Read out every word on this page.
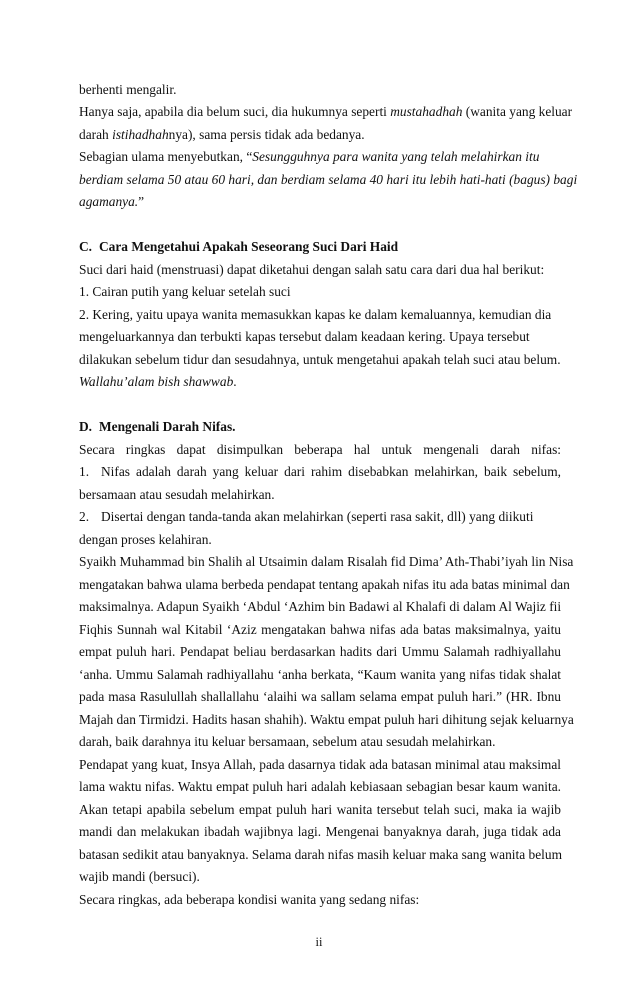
berhenti mengalir.

Hanya saja, apabila dia belum suci, dia hukumnya seperti mustahadhah (wanita yang keluar

darah istihadhahnya), sama persis tidak ada bedanya.

Sebagian ulama menyebutkan, “Sesungguhnya para wanita yang telah melahirkan itu

berdiam selama 50 atau 60 hari, dan berdiam selama 40 hari itu lebih hati-hati (bagus) bagi

agamanya.”

C. Cara Mengetahui Apakah Seseorang Suci Dari Haid

Suci dari haid (menstruasi) dapat diketahui dengan salah satu cara dari dua hal berikut:

1. Cairan putih yang keluar setelah suci

2. Kering, yaitu upaya wanita memasukkan kapas ke dalam kemaluannya, kemudian dia

mengeluarkannya dan terbukti kapas tersebut dalam keadaan kering. Upaya tersebut

dilakukan sebelum tidur dan sesudahnya, untuk mengetahui apakah telah suci atau belum.

Wallahu’alam bish shawwab.

D. Mengenali Darah Nifas.

Secara ringkas dapat disimpulkan beberapa hal untuk mengenali darah nifas:

1. Nifas adalah darah yang keluar dari rahim disebabkan melahirkan, baik sebelum,

bersamaan atau sesudah melahirkan.

2. Disertai dengan tanda-tanda akan melahirkan (seperti rasa sakit, dll) yang diikuti

dengan proses kelahiran.

Syaikh Muhammad bin Shalih al Utsaimin dalam Risalah fid Dima’ Ath-Thabi’iyah lin Nisa

mengatakan bahwa ulama berbeda pendapat tentang apakah nifas itu ada batas minimal dan

maksimalnya. Adapun Syaikh ‘Abdul ‘Azhim bin Badawi al Khalafi di dalam Al Wajiz fii

Fiqhis Sunnah wal Kitabil ‘Aziz mengatakan bahwa nifas ada batas maksimalnya, yaitu

empat puluh hari. Pendapat beliau berdasarkan hadits dari Ummu Salamah radhiyallahu

‘anha. Ummu Salamah radhiyallahu ‘anha berkata, “Kaum wanita yang nifas tidak shalat

pada masa Rasulullah shallallahu ‘alaihi wa sallam selama empat puluh hari.” (HR. Ibnu

Majah dan Tirmidzi. Hadits hasan shahih). Waktu empat puluh hari dihitung sejak keluarnya

darah, baik darahnya itu keluar bersamaan, sebelum atau sesudah melahirkan.

Pendapat yang kuat, Insya Allah, pada dasarnya tidak ada batasan minimal atau maksimal

lama waktu nifas. Waktu empat puluh hari adalah kebiasaan sebagian besar kaum wanita.

Akan tetapi apabila sebelum empat puluh hari wanita tersebut telah suci, maka ia wajib

mandi dan melakukan ibadah wajibnya lagi. Mengenai banyaknya darah, juga tidak ada

batasan sedikit atau banyaknya. Selama darah nifas masih keluar maka sang wanita belum

wajib mandi (bersuci).

Secara ringkas, ada beberapa kondisi wanita yang sedang nifas:

ii
